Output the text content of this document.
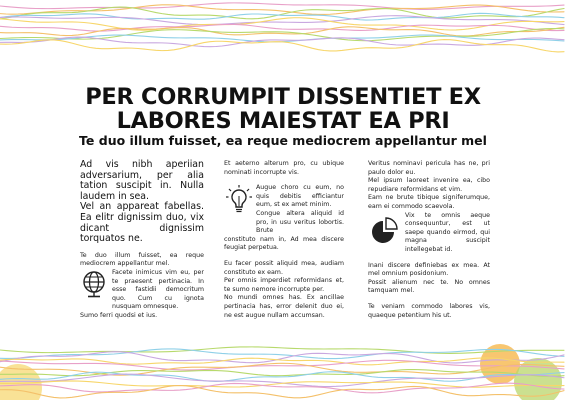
PER CORRUMPIT DISSENTIET EX
LABORES MAIESTAT EA PRI
Te duo illum fuisset, ea reque mediocrem appellantur mel

Ad vis nibh aperiian adversarium, per alia tation suscipit in. Nulla laudem in sea.

Vel an appareat fabellas. Ea elitr dignissim duo, vix dicant dignissim torquatos ne.

Te duo illum fuisset, ea reque mediocrem appellantur mel.

Facete inimicus vim eu, per te praesent pertinacia. In esse fastidii democritum quo. Cum cu ignota nusquam omnesque.

Sumo ferri quodsi et ius.

Et aeterno alterum pro, cu ubique nominati incorrupte vis.

Augue choro cu eum, no quis debitis efficiantur eum, st ex amet minim.

Congue altera aliquid id pro, in usu veritus lobortis. Brute

constituto nam in, Ad mea discere feugiat perpetua.

Eu facer possit aliquid mea, audiam constituto ex eam.

Per omnis imperdiet reformidans et, te sumo nemore incorrupte per.

No mundi omnes has. Ex ancillae pertinacia has, error delenit duo ei, ne est augue nullam accumsan.

Veritus nominavi pericula has ne, pri paulo dolor eu.

Mel ipsum laoreet invenire ea, cibo repudiare reformidans et vim.

Eam ne brute tibique signiferumque, eam ei commodo scaevola.

Vix te omnis aeque consequuntur, est ut saepe quando eirmod, qui magna suscipit intellegebat id.

Inani discere definiebas ex mea. At mel omnium posidonium.

Possit alienum nec te. No omnes tamquam mel.

Te veniam commodo labores vis, quaeque petentium his ut.
